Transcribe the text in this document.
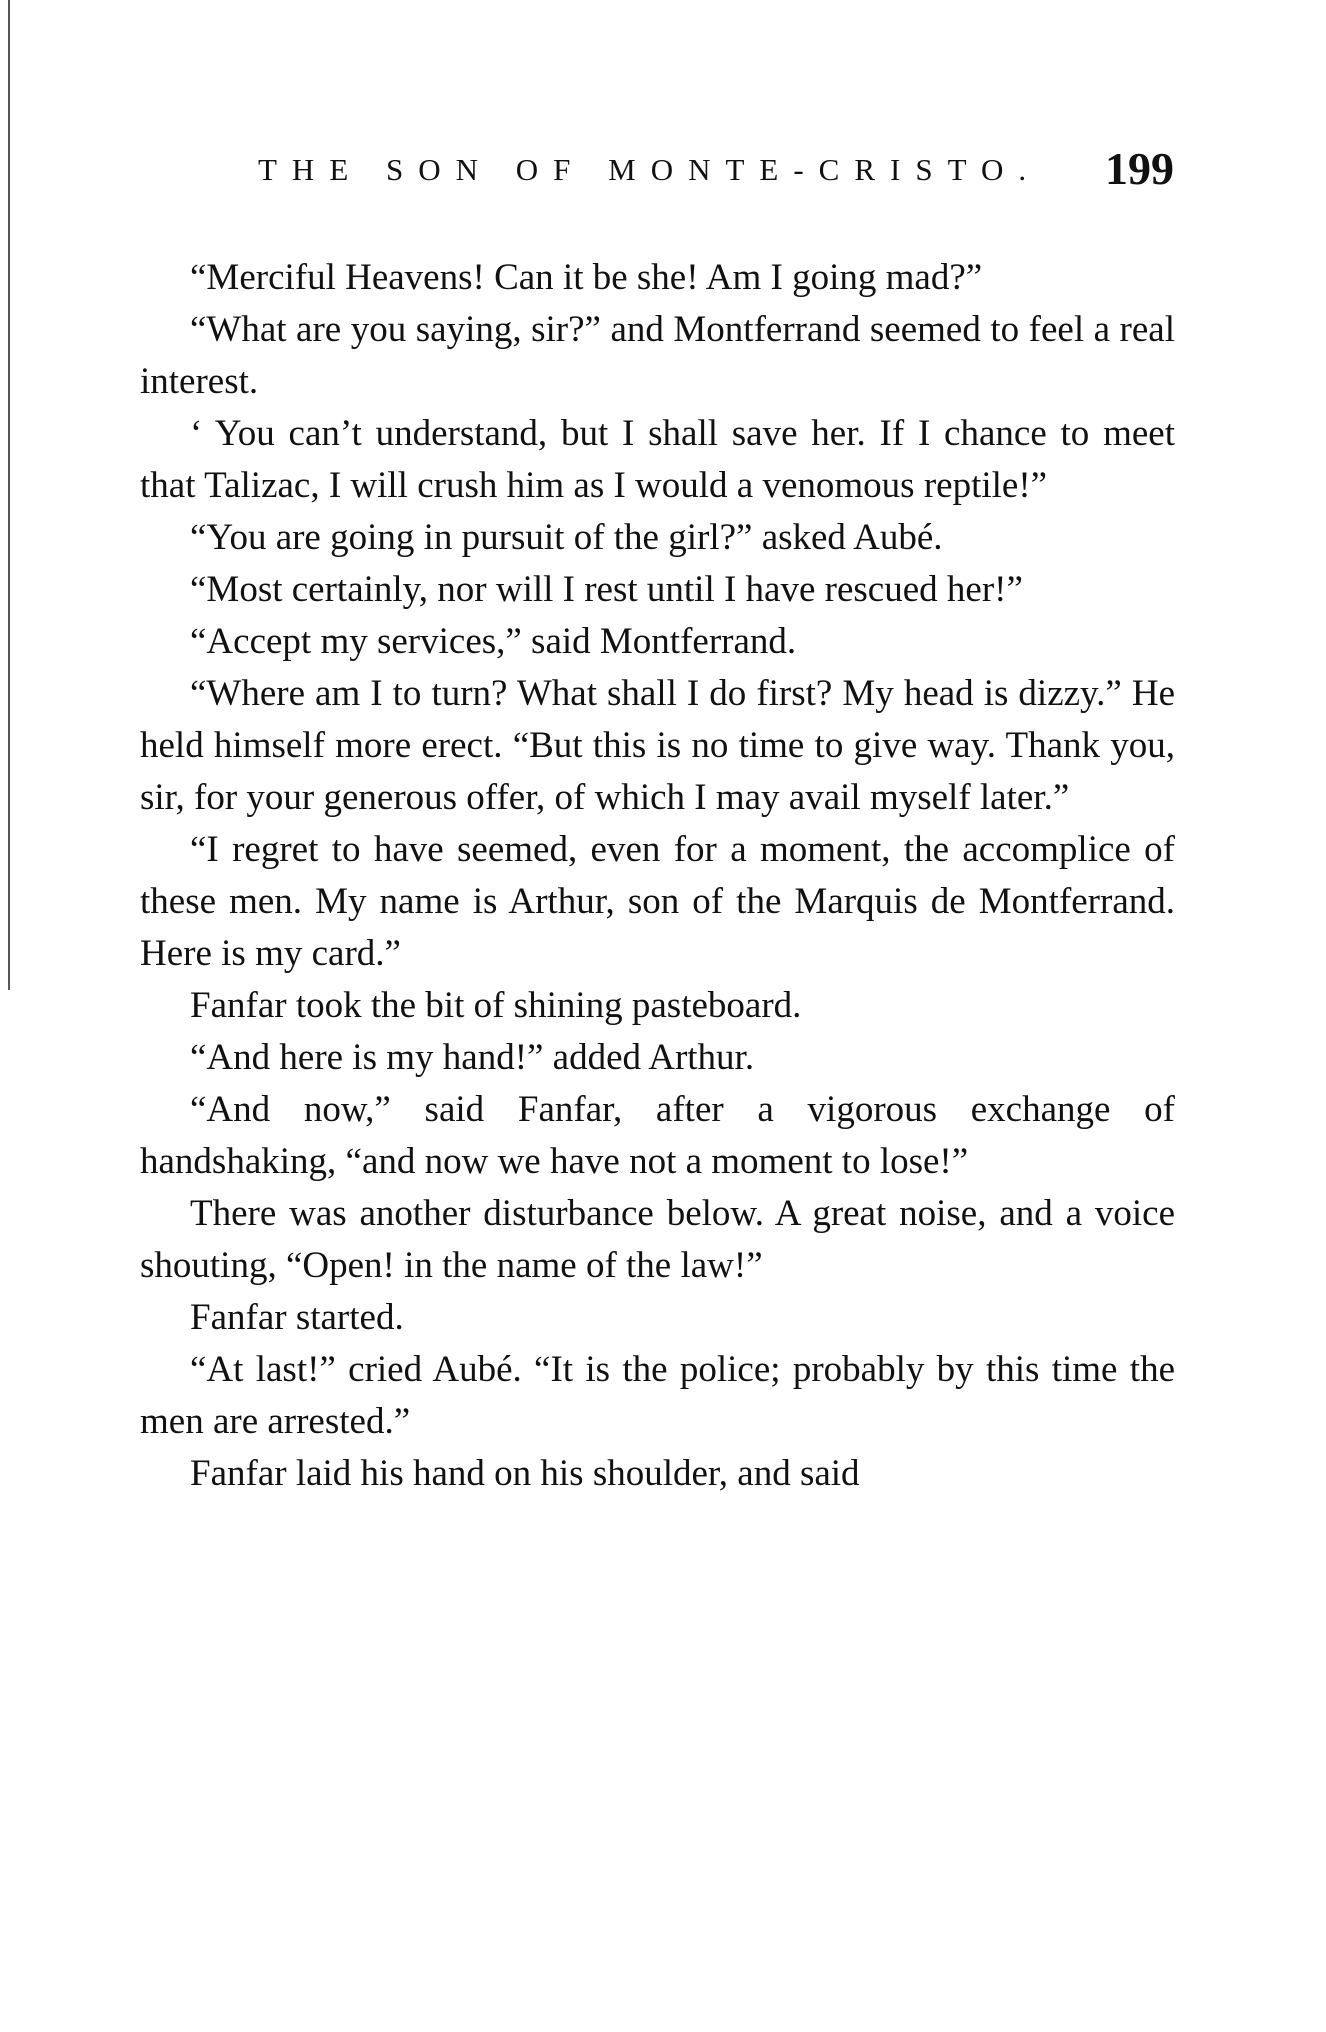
THE SON OF MONTE-CRISTO. 199

“Merciful Heavens! Can it be she! Am I going mad?”

“What are you saying, sir?” and Montferrand seemed to feel a real interest.

‘ You can’t understand, but I shall save her. If I chance to meet that Talizac, I will crush him as I would a venomous reptile!”

“You are going in pursuit of the girl?” asked Aubé.

“Most certainly, nor will I rest until I have rescued her!”

“Accept my services,” said Montferrand.

“Where am I to turn? What shall I do first? My head is dizzy.” He held himself more erect. “But this is no time to give way. Thank you, sir, for your generous offer, of which I may avail myself later.”

“I regret to have seemed, even for a moment, the accomplice of these men. My name is Arthur, son of the Marquis de Montferrand. Here is my card.”

Fanfar took the bit of shining pasteboard.

“And here is my hand!” added Arthur.

“And now,” said Fanfar, after a vigorous exchange of handshaking, “and now we have not a moment to lose!”

There was another disturbance below. A great noise, and a voice shouting, “Open! in the name of the law!”

Fanfar started.

“At last!” cried Aubé. “It is the police; probably by this time the men are arrested.”

Fanfar laid his hand on his shoulder, and said
